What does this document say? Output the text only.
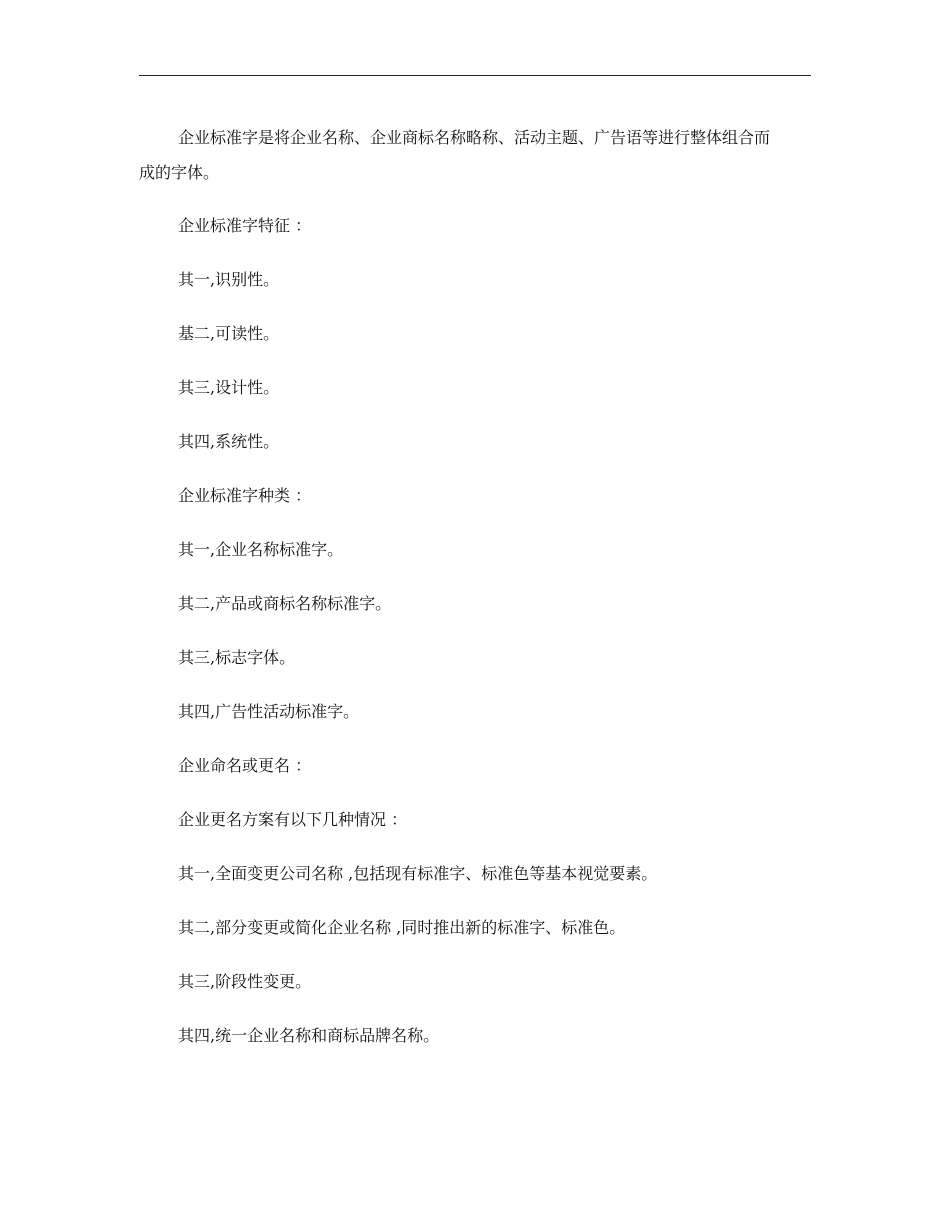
企业标准字是将企业名称、企业商标名称略称、活动主题、广告语等进行整体组合而成的字体。

企业标准字特征 ：

其一,识别性。

基二,可读性。

其三,设计性。

其四,系统性。

企业标准字种类 ：

其一,企业名称标准字。

其二,产品或商标名称标准字。

其三,标志字体。

其四,广告性活动标准字。

企业命名或更名 ：

企业更名方案有以下几种情况 ：

其一,全面变更公司名称 ,包括现有标准字、标准色等基本视觉要素。

其二,部分变更或简化企业名称 ,同时推出新的标准字、标准色。

其三,阶段性变更。

其四,统一企业名称和商标品牌名称。
